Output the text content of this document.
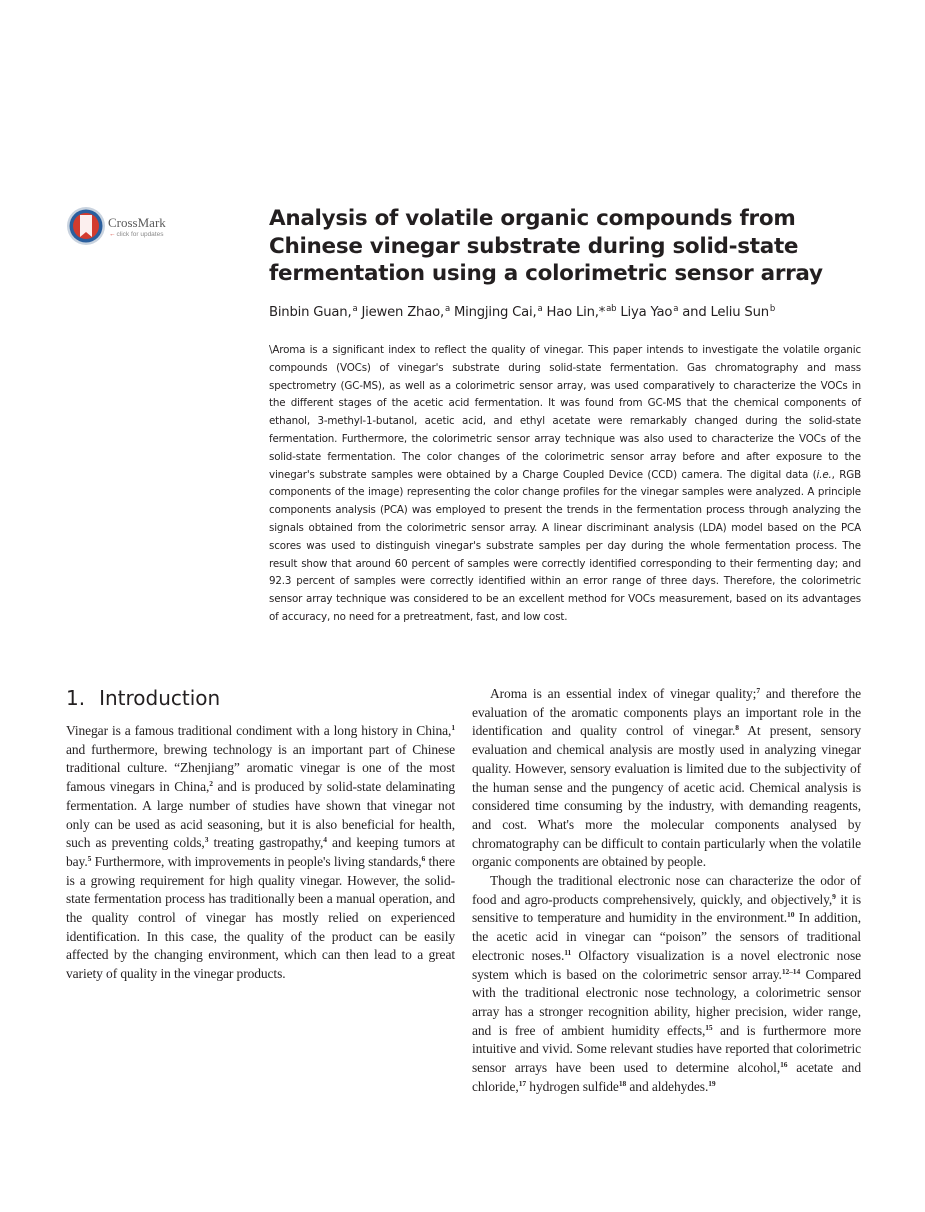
CrossMark
←click for updates
Analysis of volatile organic compounds from
Chinese vinegar substrate during solid-state
fermentation using a colorimetric sensor array
Binbin Guan,$^a$ Jiewen Zhao,$^a$ Mingjing Cai,$^a$ Hao Lin,*$^{ab}$ Liya Yao$^a$ and Leliu Sun$^b$

\Aroma is a significant index to reflect the quality of vinegar. This paper intends to investigate the volatile organic compounds (VOCs) of vinegar's substrate during solid-state fermentation. Gas chromatography and mass spectrometry (GC-MS), as well as a colorimetric sensor array, was used comparatively to characterize the VOCs in the different stages of the acetic acid fermentation. It was found from GC-MS that the chemical components of ethanol, 3-methyl-1-butanol, acetic acid, and ethyl acetate were remarkably changed during the solid-state fermentation. Furthermore, the colorimetric sensor array technique was also used to characterize the VOCs of the solid-state fermentation. The color changes of the colorimetric sensor array before and after exposure to the vinegar's substrate samples were obtained by a Charge Coupled Device (CCD) camera. The digital data (i.e., RGB components of the image) representing the color change profiles for the vinegar samples were analyzed. A principle components analysis (PCA) was employed to present the trends in the fermentation process through analyzing the signals obtained from the colorimetric sensor array. A linear discriminant analysis (LDA) model based on the PCA scores was used to distinguish vinegar's substrate samples per day during the whole fermentation process. The result show that around 60 percent of samples were correctly identified corresponding to their fermenting day; and 92.3 percent of samples were correctly identified within an error range of three days. Therefore, the colorimetric sensor array technique was considered to be an excellent method for VOCs measurement, based on its advantages of accuracy, no need for a pretreatment, fast, and low cost.

1. Introduction

Vinegar is a famous traditional condiment with a long history in China,$^1$ and furthermore, brewing technology is an important part of Chinese traditional culture. “Zhenjiang” aromatic vinegar is one of the most famous vinegars in China,$^2$ and is produced by solid-state delaminating fermentation. A large number of studies have shown that vinegar not only can be used as acid seasoning, but it is also beneficial for health, such as preventing colds,$^3$ treating gastropathy,$^4$ and keeping tumors at bay.$^5$ Furthermore, with improvements in people's living standards,$^6$ there is a growing requirement for high quality vinegar. However, the solid-state fermentation process has traditionally been a manual operation, and the quality control of vinegar has mostly relied on experienced identification. In this case, the quality of the product can be easily affected by the changing environment, which can then lead to a great variety of quality in the vinegar products.

Aroma is an essential index of vinegar quality;$^7$ and therefore the evaluation of the aromatic components plays an important role in the identification and quality control of vinegar.$^8$ At present, sensory evaluation and chemical analysis are mostly used in analyzing vinegar quality. However, sensory evaluation is limited due to the subjectivity of the human sense and the pungency of acetic acid. Chemical analysis is considered time consuming by the industry, with demanding reagents, and cost. What's more the molecular components analysed by chromatography can be difficult to contain particularly when the volatile organic components are obtained by people.

Though the traditional electronic nose can characterize the odor of food and agro-products comprehensively, quickly, and objectively,$^9$ it is sensitive to temperature and humidity in the environment.$^{10}$ In addition, the acetic acid in vinegar can “poison” the sensors of traditional electronic noses.$^{11}$ Olfactory visualization is a novel electronic nose system which is based on the colorimetric sensor array.$^{12-14}$ Compared with the traditional electronic nose technology, a colorimetric sensor array has a stronger recognition ability, higher precision, wider range, and is free of ambient humidity effects,$^{15}$ and is furthermore more intuitive and vivid. Some relevant studies have reported that colorimetric sensor arrays have been used to determine alcohol,$^{16}$ acetate and chloride,$^{17}$ hydrogen sulfide$^{18}$ and aldehydes.$^{19}$
